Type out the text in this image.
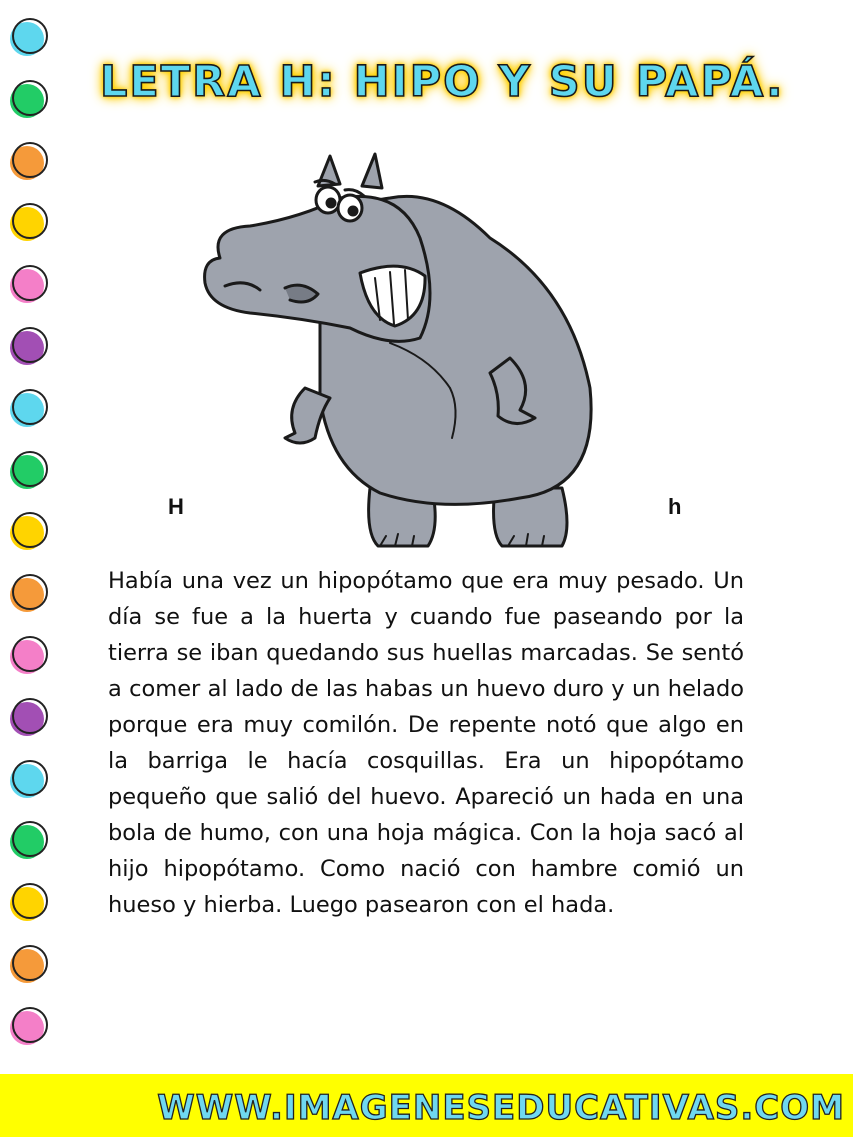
LETRA H: HIPO Y SU PAPÁ.
H	h

Había una vez un hipopótamo que era muy pesado. Un día se fue a la huerta y cuando fue paseando por la tierra se iban quedando sus huellas marcadas. Se sentó a comer al lado de las habas un huevo duro y un helado porque era muy comilón. De repente notó que algo en la barriga le hacía cosquillas. Era un hipopótamo pequeño que salió del huevo. Apareció un hada en una bola de humo, con una hoja mágica. Con la hoja sacó al hijo hipopótamo. Como nació con hambre comió un hueso y hierba. Luego pasearon con el hada.

WWW.IMAGENESEDUCATIVAS.COM
